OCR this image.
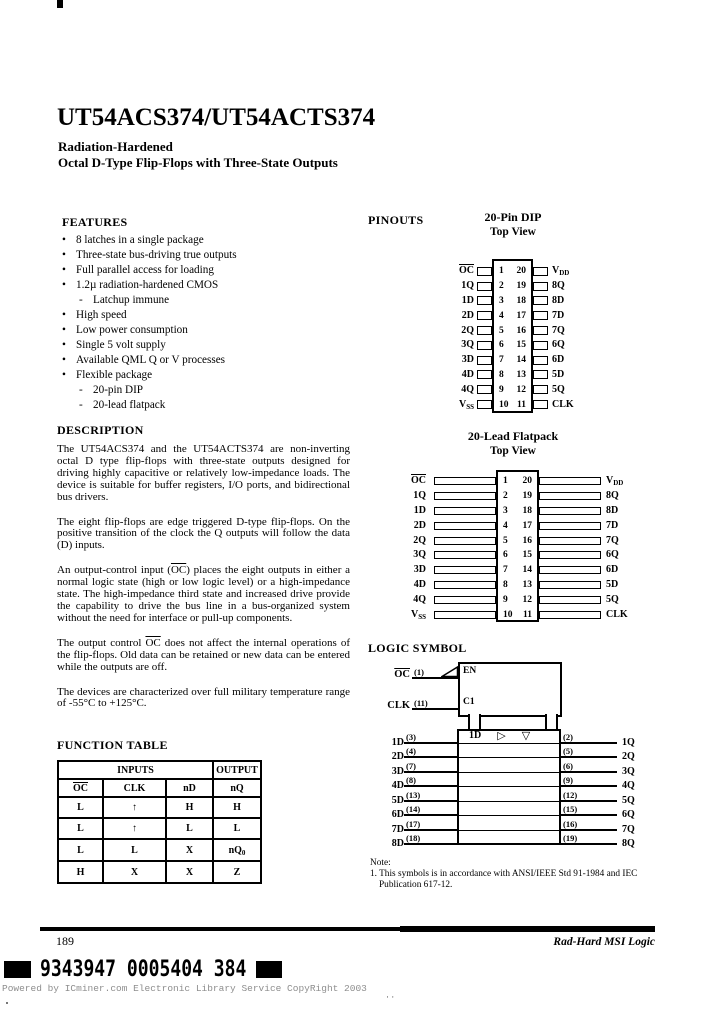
UT54ACS374/UT54ACTS374
Radiation-Hardened
Octal D-Type Flip-Flops with Three-State Outputs
FEATURES
• 8 latches in a single package
• Three-state bus-driving true outputs
• Full parallel access for loading
• 1.2µ radiation-hardened CMOS
- Latchup immune
• High speed
• Low power consumption
• Single 5 volt supply
• Available QML Q or V processes
• Flexible package
- 20-pin DIP
- 20-lead flatpack
DESCRIPTION

The UT54ACS374 and the UT54ACTS374 are non-inverting octal D type flip-flops with three-state outputs designed for driving highly capacitive or relatively low-impedance loads. The device is suitable for buffer registers, I/O ports, and bidirectional bus drivers.

The eight flip-flops are edge triggered D-type flip-flops. On the positive transition of the clock the Q outputs will follow the data (D) inputs.

An output-control input $(\overline{OC})$ places the eight outputs in either a normal logic state (high or low logic level) or a high-impedance state. The high-impedance third state and increased drive provide the capability to drive the bus line in a bus-organized system without the need for interface or pull-up components.

The output control $\overline{OC}$ does not affect the internal operations of the flip-flops. Old data can be retained or new data can be entered while the outputs are off.

The devices are characterized over full military temperature range of -55°C to +125°C.

PINOUTS	20-Pin DIP
Top View
$\overline{OC}$	1	20	$V_{DD}$
1Q	2	19	8Q
1D	3	18	8D
2D	4	17	7D
2Q	5	16	7Q
3Q	6	15	6Q
3D	7	14	6D
4D	8	13	5D
4Q	9	12	5Q
$V_{SS}$	10 11	CLK
20-Lead Flatpack
Top View
$\overline{OC}$	1	20	$V_{DD}$
1Q	2	19	8Q
1D	3	18	8D
2D	4	17	7D
2Q	5	16	7Q
3Q	6	15	6Q
3D	7	14	6D
4D	8	13	5D
4Q	9	12	5Q
$V_{SS}$	10	11	CLK
LOGIC SYMBOL
EN
C1
$\overline{OC}$ (1)
CLK (11)
1D (3)	(2)	1Q
2D (4)	(5)	2Q
3D (7)	(6)	3Q
4D (8)	(9)	4Q
5D (13)	(12)	5Q
6D (14)	(15)	6Q
7D (17)	(16)	7Q
8D (18)	(19)	8Q
1D ▷ ▽
Note:
1. This symbols is in accordance with ANSI/IEEE Std 91-1984 and IEC
Publication 617-12.
FUNCTION TABLE
INPUTS			OUTPUT
$\overline{OC}$	CLK	nD	nQ
L	↑	H	H
L	↑	L	L
L	L	X	$nQ_0$
H	X	X	Z
189	Rad-Hard MSI Logic
9343947 0005404 384
Powered by ICminer.com Electronic Library Service CopyRight 2003
· ·
